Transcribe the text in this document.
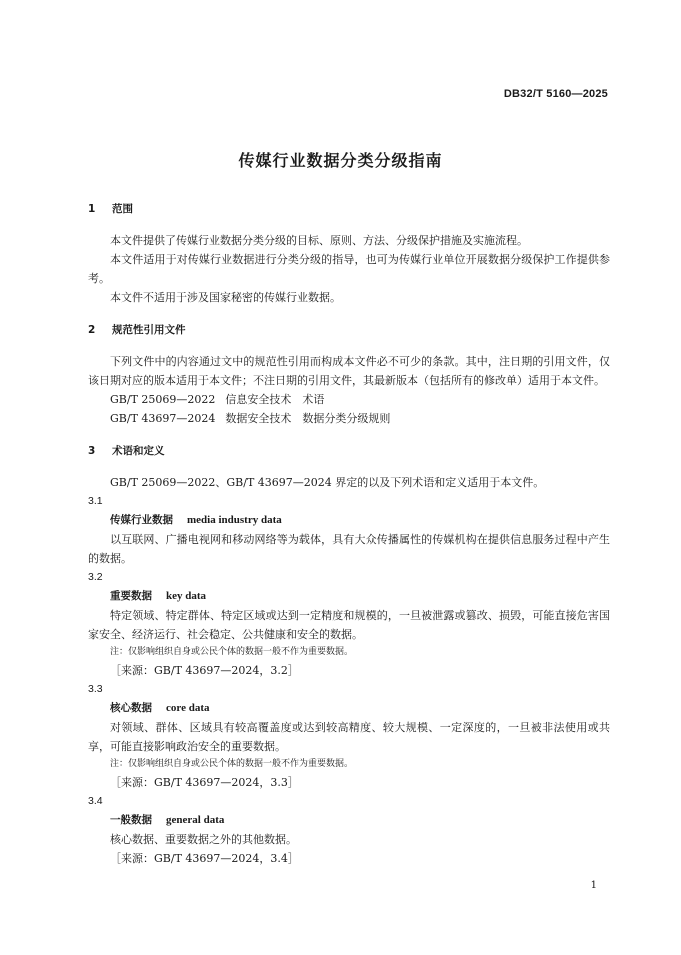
DB32/T 5160—2025
传媒行业数据分类分级指南

1 范围

本文件提供了传媒行业数据分类分级的目标、原则、方法、分级保护措施及实施流程。

本文件适用于对传媒行业数据进行分类分级的指导，也可为传媒行业单位开展数据分级保护工作提供参考。

本文件不适用于涉及国家秘密的传媒行业数据。

2 规范性引用文件

下列文件中的内容通过文中的规范性引用而构成本文件必不可少的条款。其中，注日期的引用文件，仅该日期对应的版本适用于本文件；不注日期的引用文件，其最新版本（包括所有的修改单）适用于本文件。

GB/T 25069—2022 信息安全技术　术语

GB/T 43697—2024 数据安全技术　数据分类分级规则

3 术语和定义

GB/T 25069—2022、GB/T 43697—2024 界定的以及下列术语和定义适用于本文件。

3.1

传媒行业数据 media industry data

以互联网、广播电视网和移动网络等为载体，具有大众传播属性的传媒机构在提供信息服务过程中产生的数据。

3.2

重要数据 key data

特定领域、特定群体、特定区域或达到一定精度和规模的，一旦被泄露或篡改、损毁，可能直接危害国家安全、经济运行、社会稳定、公共健康和安全的数据。

注：仅影响组织自身或公民个体的数据一般不作为重要数据。

［来源：GB/T 43697—2024，3.2］

3.3

核心数据 core data

对领域、群体、区域具有较高覆盖度或达到较高精度、较大规模、一定深度的，一旦被非法使用或共享，可能直接影响政治安全的重要数据。

注：仅影响组织自身或公民个体的数据一般不作为重要数据。

［来源：GB/T 43697—2024，3.3］

3.4

一般数据 general data

核心数据、重要数据之外的其他数据。

［来源：GB/T 43697—2024，3.4］

1
